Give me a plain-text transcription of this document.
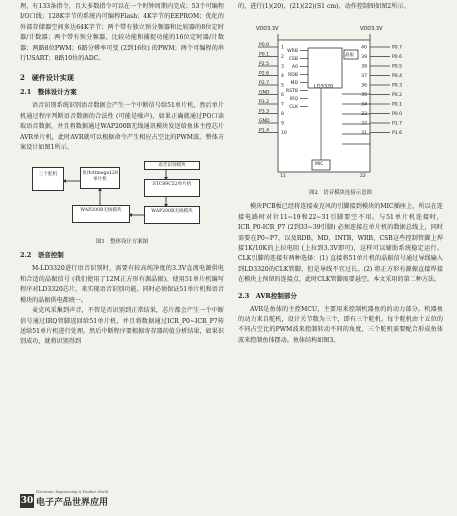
理，有133条指令，且大多数指令可以在一个时钟周期内完成；53个可编程I/O口线；128K字节的系统内可编程Flash；4K字节的EEPROM；优化的外部存储器空间多达64K字节；两个带有独立预分频器和比较器的8位定时器/计数器；两个带有预分频器、比较功能和捕捉功能的16位定时器/计数器；两路8位PWM；6路分辨率可变 (2到16位) 的PWM；两个可编程的串行USART；8路10位的ADC。

2　硬件设计实现
2.1　整体设计方案

语音识别系统识别语音数据会产生一个中断信号给51单片机，然后单片机通过程序判断语音数据的合法性 (可能是噪声)，如果正确就通过PO口读取语音数据，并且将数据通过WAP200B无线通讯模块发送给鱼体主控芯片AVR单片机，此时AVR就可以根据命令产生相应占空比的PWM波。整体方案设计如图1所示。

语音识别模块
STC89C52单片机
WAP200B无线模块
WAP200B无线模块
鱼体Atmega128单片机
三个舵机
图1　整体设计方案图
2.2　语音控制

M-LD3320进行语音识别时，需要有较高纯净度的3.3V直流电源供电和合适的晶振信号 (我们使用了12M正方形有源晶振)。使用51单片机编写程序对LD3320芯片，来实现语音识别功能。同时必须保证51单片机和语音模块的晶振供电都统一。

麦克风采集到声音，不管是否识别到正常结果，芯片都会产生一个中断信号通过IRQ管脚返回给51单片机，并且将数据通过ICR_P0~ICR_P7传送给51单片机进行处理。然后中断程序要根据寄存器的值分析结果，如果识别成功，就将识别得到

的，进行(1)(20)，(21)(22)(S1 cm)，动作控制图如图2所示。

P0.0
1
P0.1
2
P2.5
3
P2.6
4
P2.7
5
GND
6
P3.2
7
P3.3
8
GND
9
P1.4
10
P0.7
40
P0.6
39
P0.5
38
P0.4
37
P0.3
36
P0.2
35
P0.1
34
P0.0
33
P1.7
32
P1.6
31
WRB
CSB
A0
RDB
MD
RSTB
IRQ
CLK
VDD3.3V	VDD3.3V
LD3320
晶振
MIC
11	22
图2　语音模块连接示意图

模块PCB板已经将连接麦克风的引脚接到模块的MIC插座上，所以在连接电路时对针11~19和22~31引脚要空不用。与51单片机连接时，ICR_P0-ICR_P7 (2到33~39引脚) 必须连接在单片机的数据总线上，同时需要在P0~P7，以及RDB，MD，INTB，WRB，CSB这些控制管脚上焊接1K/10K的上拉电阻 (上拉到3.3V即可)，这样可以辅助系统稳定运行。CLK引脚的连接有两种选择：(1) 直接将51单片机的晶振信号通过导线输入到LD3320的CLK管脚，但是导线不宜过长。(2) 将正方形有源振直接焊接在模块上预留的连接点，此时CLK管脚需要悬空。本文采用的第二种方法。

2.3　AVR控制部分

AVR是鱼体的主控MCU，主要用来控制机器鱼的的动力部分。机器鱼的动力来自舵机，设计关节数为三个，即有三个舵机。每个舵机由十五位的不同占空比的PWM波来控制转动不同的角度，三个舵机需要配合形成鱼体波来控制鱼体摆动。鱼体结构如图3。

30
Electronic Engineering & Product World
电子产品世界应用
